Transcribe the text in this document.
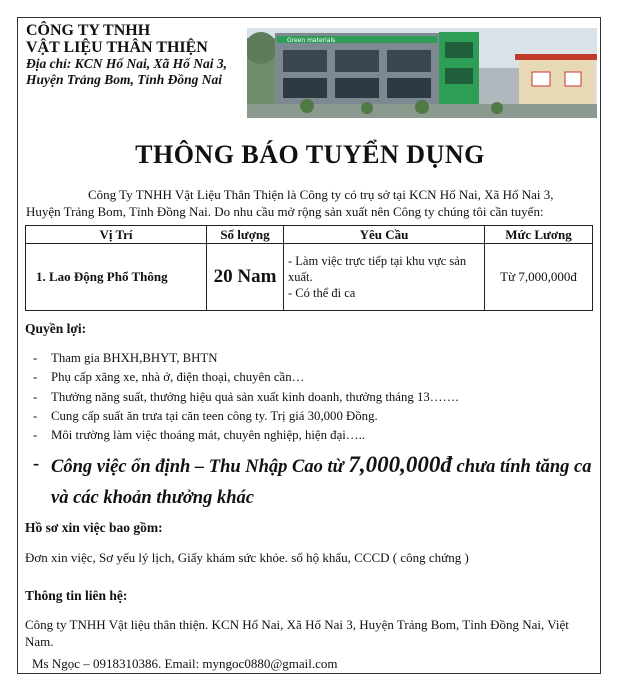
CÔNG TY TNHH
VẬT LIỆU THÂN THIỆN
Địa chỉ: KCN Hố Nai, Xã Hố Nai 3,
Huyện Trảng Bom, Tỉnh Đồng Nai
Green materials
THÔNG BÁO TUYỂN DỤNG
Công Ty TNHH Vật Liệu Thân Thiện là Công ty có trụ sở tại KCN Hố Nai, Xã Hố Nai 3, Huyện Trảng Bom, Tỉnh Đồng Nai. Do nhu cầu mở rộng sản xuất nên Công ty chúng tôi cần tuyển:
Vị Trí	Số lượng	Yêu Cầu	Mức Lương
1. Lao Động Phổ Thông	20 Nam	- Làm việc trực tiếp tại khu vực sản xuất.
- Có thể đi ca	Từ 7,000,000đ
Quyền lợi:
- Tham gia BHXH,BHYT, BHTN
- Phụ cấp xăng xe, nhà ở, điện thoại, chuyên cần…
- Thưởng năng suất, thưởng hiệu quả sản xuất kinh doanh, thưởng tháng 13…….
- Cung cấp suất ăn trưa tại căn teen công ty. Trị giá 30,000 Đồng.
- Môi trường làm việc thoáng mát, chuyên nghiệp, hiện đại…..
- Công việc ổn định – Thu Nhập Cao từ 7,000,000đ chưa tính tăng ca và các khoản thưởng khác
Hồ sơ xin việc bao gồm:
Đơn xin việc, Sơ yếu lý lịch, Giấy khám sức khỏe. sổ hộ khẩu, CCCD ( công chứng )
Thông tin liên hệ:
Công ty TNHH Vật liệu thân thiện. KCN Hố Nai, Xã Hố Nai 3, Huyện Trảng Bom, Tỉnh Đồng Nai, Việt Nam.
Ms Ngọc – 0918310386. Email: myngoc0880@gmail.com
